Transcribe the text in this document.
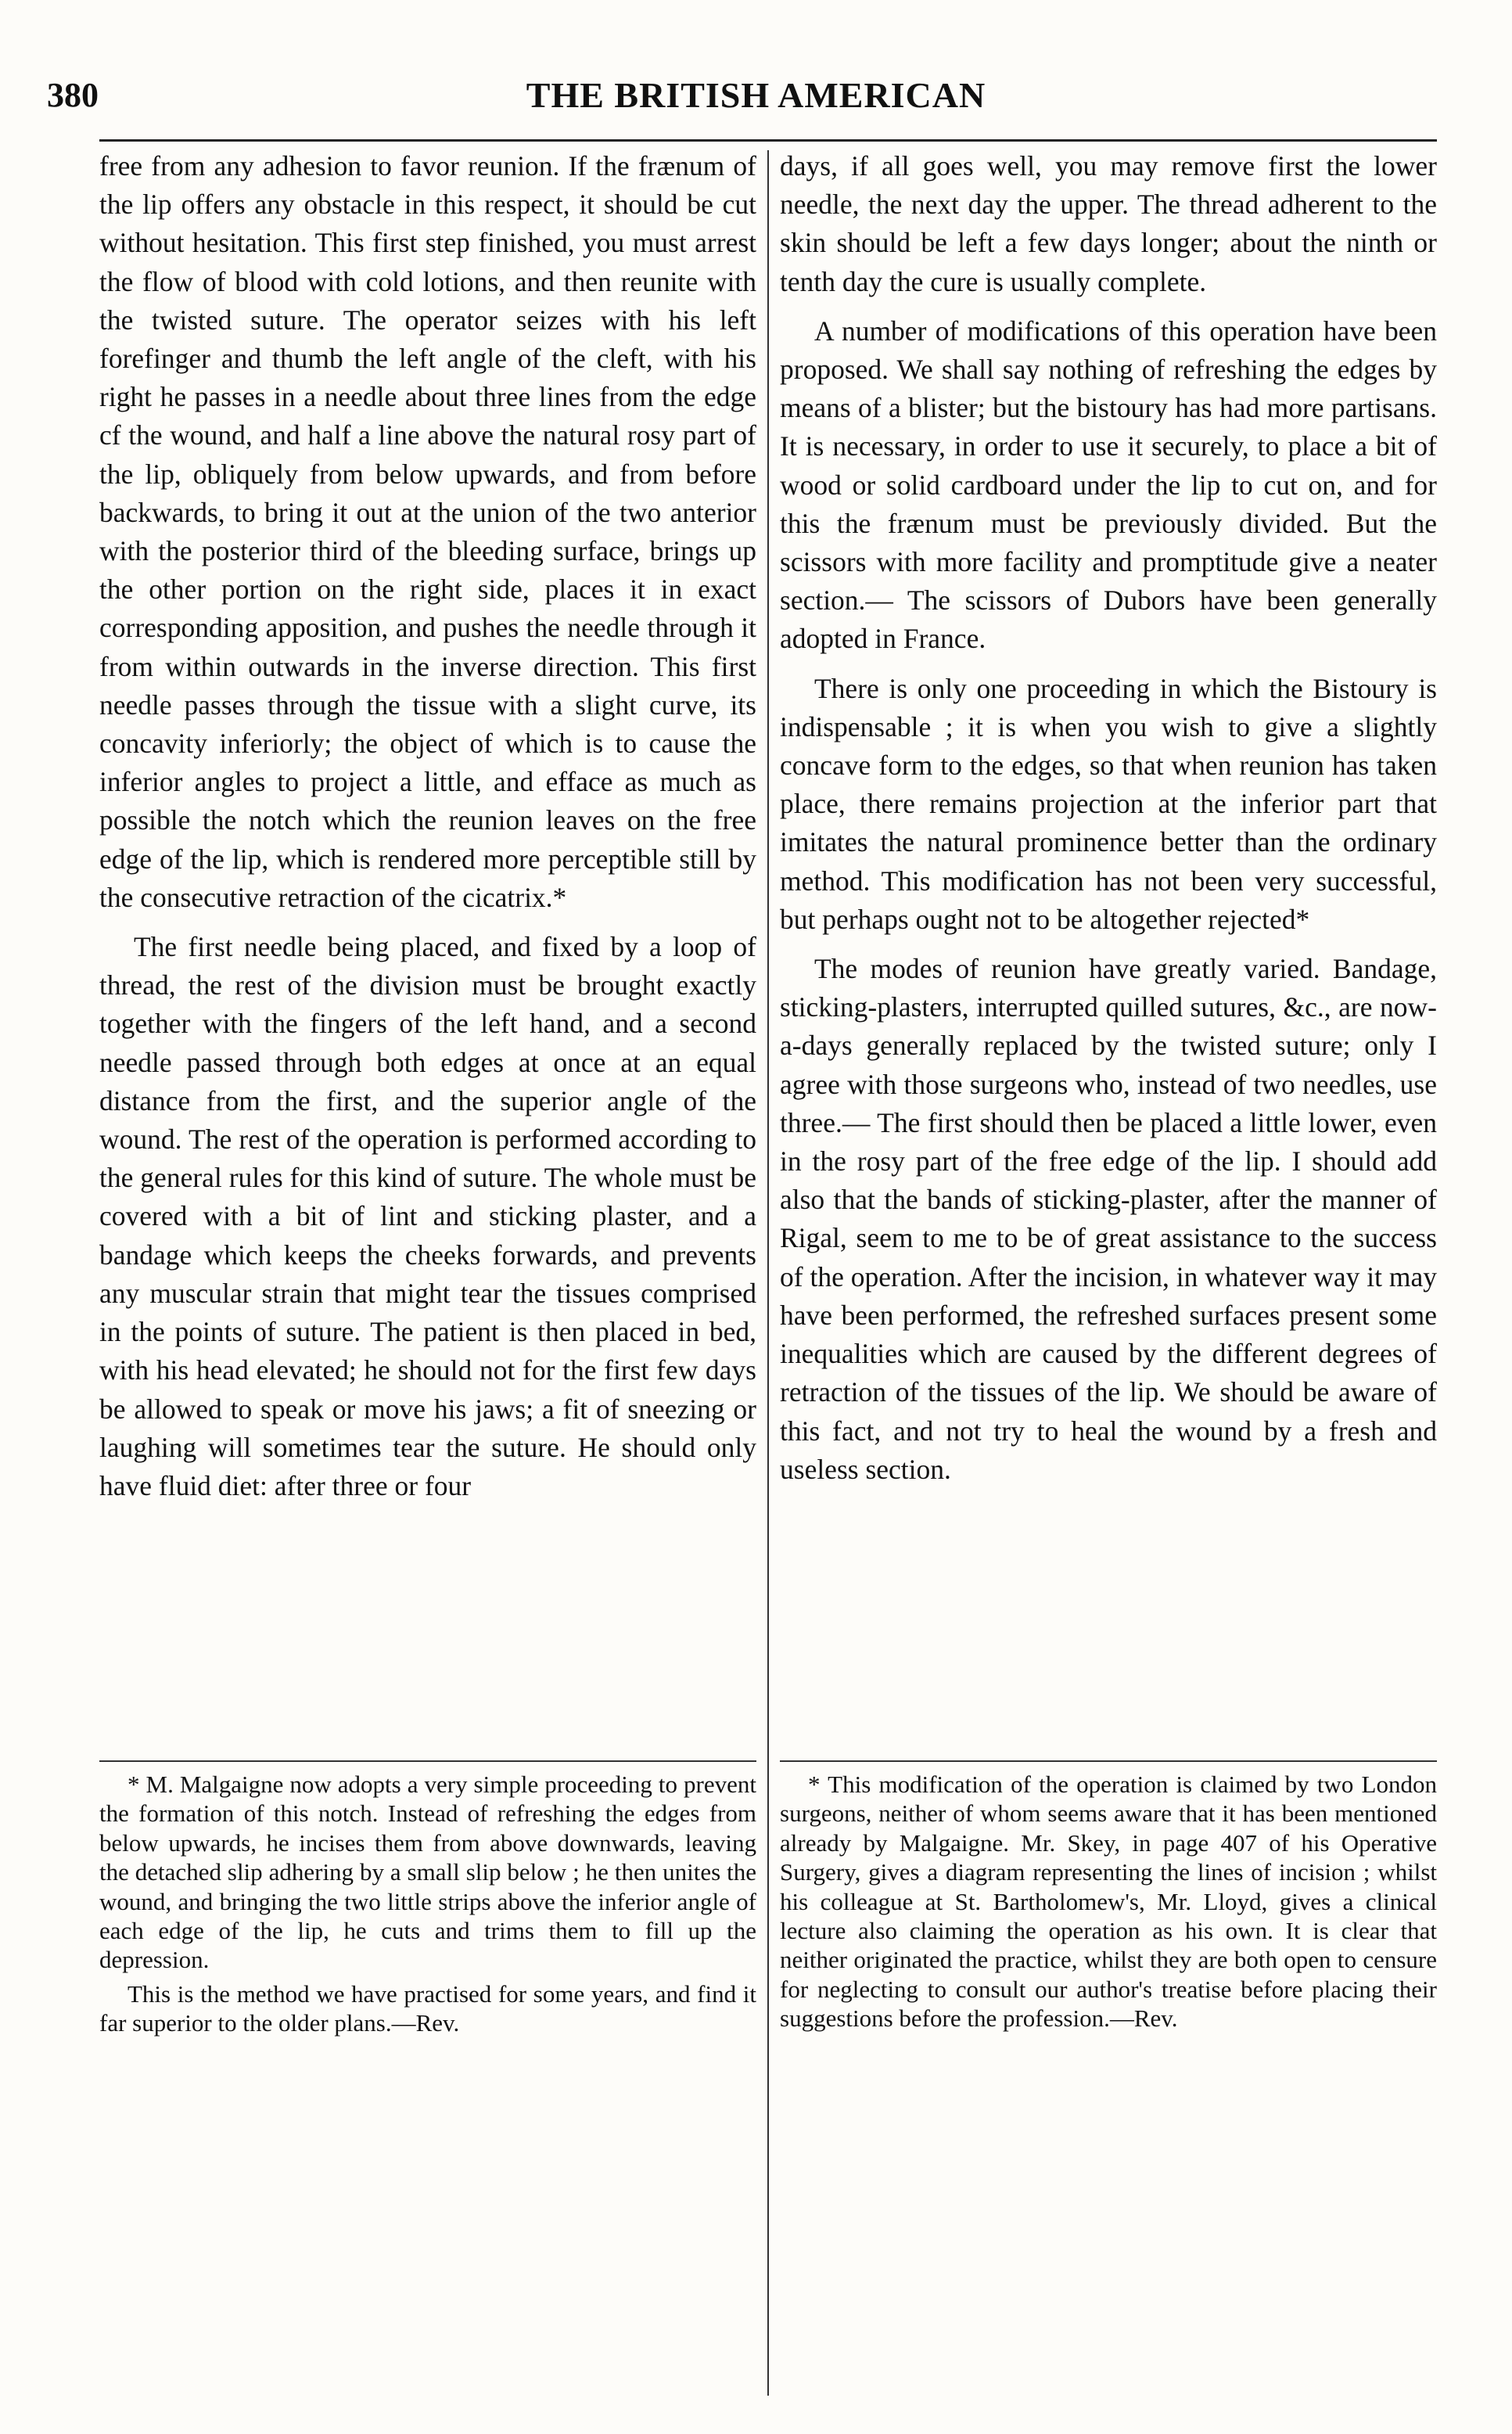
380	THE BRITISH AMERICAN

free from any adhesion to favor reunion. If the frænum of the lip offers any obstacle in this respect, it should be cut without hesitation. This first step finished, you must arrest the flow of blood with cold lotions, and then reunite with the twisted suture. The operator seizes with his left forefinger and thumb the left angle of the cleft, with his right he passes in a needle about three lines from the edge cf the wound, and half a line above the natural rosy part of the lip, obliquely from below upwards, and from before backwards, to bring it out at the union of the two anterior with the posterior third of the bleeding surface, brings up the other portion on the right side, places it in exact corresponding apposition, and pushes the needle through it from within outwards in the inverse direction. This first needle passes through the tissue with a slight curve, its concavity inferiorly; the object of which is to cause the inferior angles to project a little, and efface as much as possible the notch which the reunion leaves on the free edge of the lip, which is rendered more perceptible still by the consecutive retraction of the cicatrix.*

The first needle being placed, and fixed by a loop of thread, the rest of the division must be brought exactly together with the fingers of the left hand, and a second needle passed through both edges at once at an equal distance from the first, and the superior angle of the wound. The rest of the operation is performed according to the general rules for this kind of suture. The whole must be covered with a bit of lint and sticking plaster, and a bandage which keeps the cheeks forwards, and prevents any muscular strain that might tear the tissues comprised in the points of suture. The patient is then placed in bed, with his head elevated; he should not for the first few days be allowed to speak or move his jaws; a fit of sneezing or laughing will sometimes tear the suture. He should only have fluid diet: after three or four

days, if all goes well, you may remove first the lower needle, the next day the upper. The thread adherent to the skin should be left a few days longer; about the ninth or tenth day the cure is usually complete.

A number of modifications of this operation have been proposed. We shall say nothing of refreshing the edges by means of a blister; but the bistoury has had more partisans. It is necessary, in order to use it securely, to place a bit of wood or solid cardboard under the lip to cut on, and for this the frænum must be previously divided. But the scissors with more facility and promptitude give a neater section.— The scissors of Dubors have been generally adopted in France.

There is only one proceeding in which the Bistoury is indispensable ; it is when you wish to give a slightly concave form to the edges, so that when reunion has taken place, there remains projection at the inferior part that imitates the natural prominence better than the ordinary method. This modification has not been very successful, but perhaps ought not to be altogether rejected*

The modes of reunion have greatly varied. Bandage, sticking-plasters, interrupted quilled sutures, &c., are now-a-days generally replaced by the twisted suture; only I agree with those surgeons who, instead of two needles, use three.— The first should then be placed a little lower, even in the rosy part of the free edge of the lip. I should add also that the bands of sticking-plaster, after the manner of Rigal, seem to me to be of great assistance to the success of the operation. After the incision, in whatever way it may have been performed, the refreshed surfaces present some inequalities which are caused by the different degrees of retraction of the tissues of the lip. We should be aware of this fact, and not try to heal the wound by a fresh and useless section.

* M. Malgaigne now adopts a very simple proceeding to prevent the formation of this notch. Instead of refreshing the edges from below upwards, he incises them from above downwards, leaving the detached slip adhering by a small slip below ; he then unites the wound, and bringing the two little strips above the inferior angle of each edge of the lip, he cuts and trims them to fill up the depression.

This is the method we have practised for some years, and find it far superior to the older plans.—Rev.

* This modification of the operation is claimed by two London surgeons, neither of whom seems aware that it has been mentioned already by Malgaigne. Mr. Skey, in page 407 of his Operative Surgery, gives a diagram representing the lines of incision ; whilst his colleague at St. Bartholomew's, Mr. Lloyd, gives a clinical lecture also claiming the operation as his own. It is clear that neither originated the practice, whilst they are both open to censure for neglecting to consult our author's treatise before placing their suggestions before the profession.—Rev.
